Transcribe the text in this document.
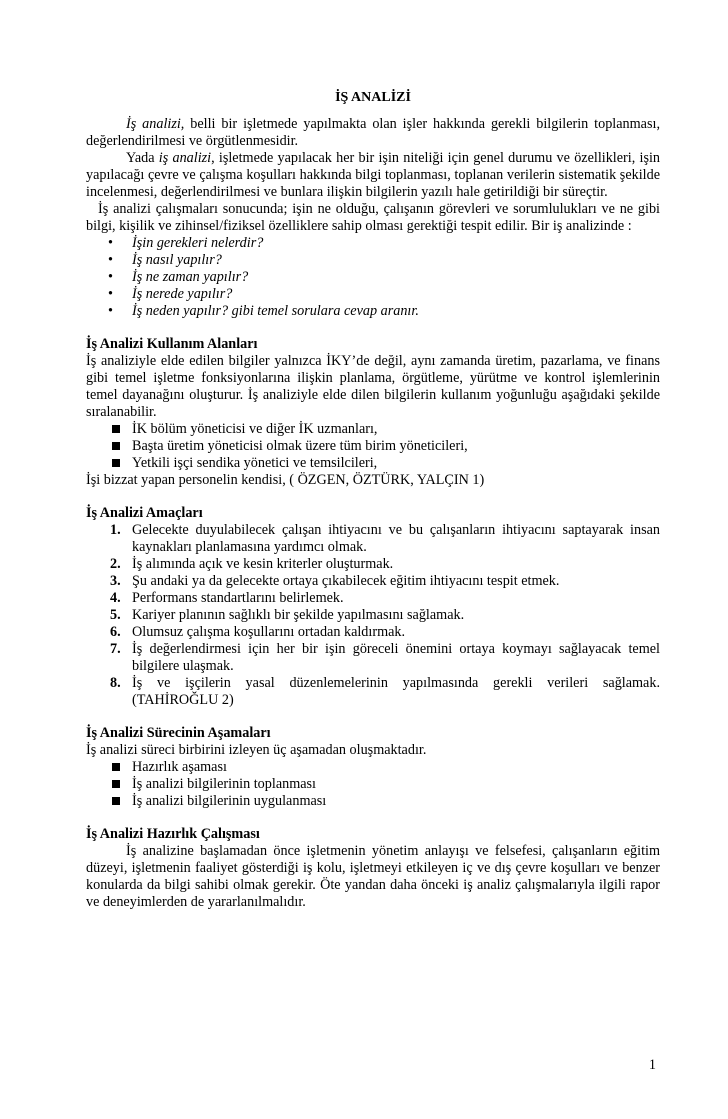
İŞ ANALİZİ

İş analizi, belli bir işletmede yapılmakta olan işler hakkında gerekli bilgilerin toplanması, değerlendirilmesi ve örgütlenmesidir.

Yada iş analizi, işletmede yapılacak her bir işin niteliği için genel durumu ve özellikleri, işin yapılacağı çevre ve çalışma koşulları hakkında bilgi toplanması, toplanan verilerin sistematik şekilde incelenmesi, değerlendirilmesi ve bunlara ilişkin bilgilerin yazılı hale getirildiği bir süreçtir.

İş analizi çalışmaları sonucunda; işin ne olduğu, çalışanın görevleri ve sorumlulukları ve ne gibi bilgi, kişilik ve zihinsel/fiziksel özelliklere sahip olması gerektiği tespit edilir. Bir iş analizinde :

• İşin gerekleri nelerdir?
• İş nasıl yapılır?
• İş ne zaman yapılır?
• İş nerede yapılır?
• İş neden yapılır? gibi temel sorulara cevap aranır.
İş Analizi Kullanım Alanları

İş analiziyle elde edilen bilgiler yalnızca İKY’de değil, aynı zamanda üretim, pazarlama, ve finans gibi temel işletme fonksiyonlarına ilişkin planlama, örgütleme, yürütme ve kontrol işlemlerinin temel dayanağını oluşturur. İş analiziyle elde dilen bilgilerin kullanım yoğunluğu aşağıdaki şekilde sıralanabilir.

İK bölüm yöneticisi ve diğer İK uzmanları,
Başta üretim yöneticisi olmak üzere tüm birim yöneticileri,
Yetkili işçi sendika yönetici ve temsilcileri,

İşi bizzat yapan personelin kendisi, ( ÖZGEN, ÖZTÜRK, YALÇIN 1)

İş Analizi Amaçları
1. Gelecekte duyulabilecek çalışan ihtiyacını ve bu çalışanların ihtiyacını saptayarak insan kaynakları planlamasına yardımcı olmak.
2. İş alımında açık ve kesin kriterler oluşturmak.
3. Şu andaki ya da gelecekte ortaya çıkabilecek eğitim ihtiyacını tespit etmek.
4. Performans standartlarını belirlemek.
5. Kariyer planının sağlıklı bir şekilde yapılmasını sağlamak.
6. Olumsuz çalışma koşullarını ortadan kaldırmak.
7. İş değerlendirmesi için her bir işin göreceli önemini ortaya koymayı sağlayacak temel bilgilere ulaşmak.
8. İş ve işçilerin yasal düzenlemelerinin yapılmasında gerekli verileri sağlamak. (TAHİROĞLU 2)
İş Analizi Sürecinin Aşamaları

İş analizi süreci birbirini izleyen üç aşamadan oluşmaktadır.

Hazırlık aşaması
İş analizi bilgilerinin toplanması
İş analizi bilgilerinin uygulanması
İş Analizi Hazırlık Çalışması

İş analizine başlamadan önce işletmenin yönetim anlayışı ve felsefesi, çalışanların eğitim düzeyi, işletmenin faaliyet gösterdiği iş kolu, işletmeyi etkileyen iç ve dış çevre koşulları ve benzer konularda da bilgi sahibi olmak gerekir. Öte yandan daha önceki iş analiz çalışmalarıyla ilgili rapor ve deneyimlerden de yararlanılmalıdır.

1
